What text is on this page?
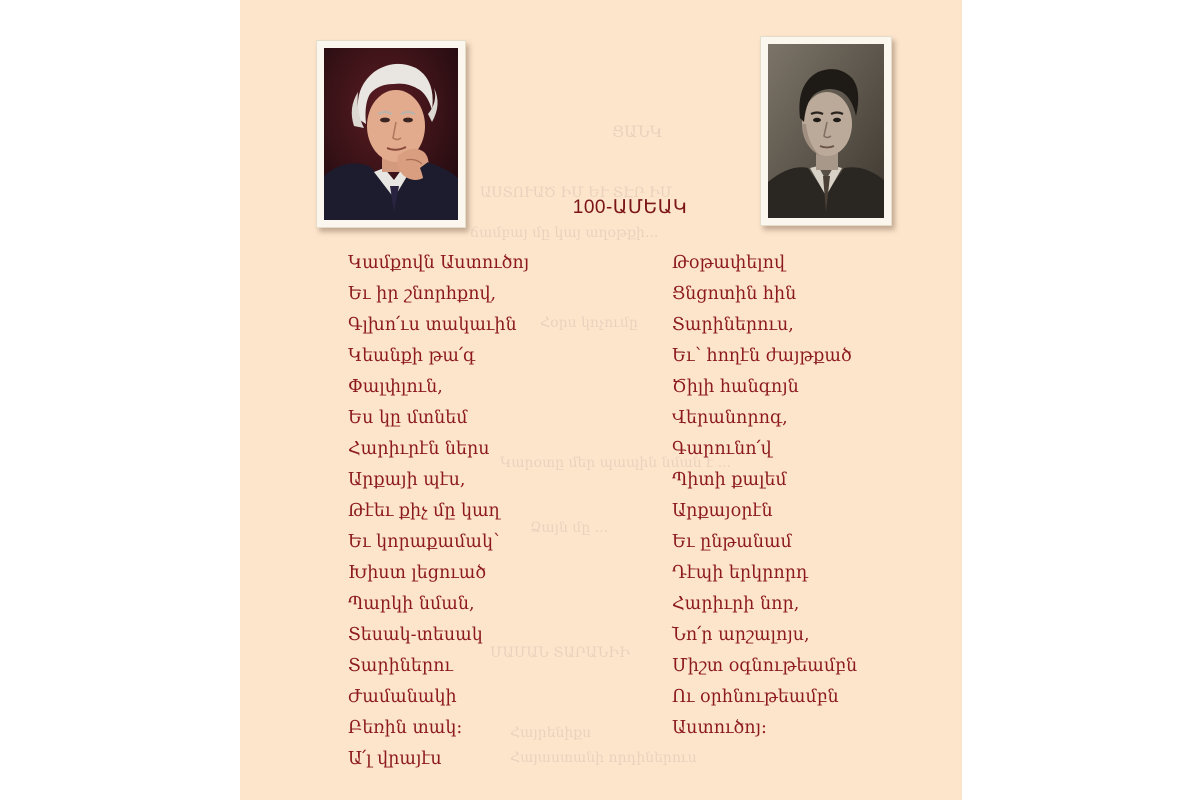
ՑԱՆԿ
ԱՍՏՈՒԱԾ ԻՄ ԵՒ ՏԷՐ ԻՄ
ճամբայ մը կայ աղօթքի...
Հօրս կոչումը
Կարօտը մեր պապին նման է ...
Ձայն մը ...
ՄԱՄԱՆ ՏԱՐԱՆԻԻ
Հայրենիքս
Հայաստանի որդիներուս
100-ԱՄԵԱԿ
Կամքովն Աստուծոյ
Եւ իր շնորհքով,
Գլխո՛ւս տակաւին
Կեանքի թա՛գ
Փալփլուն,
Ես կը մտնեմ
Հարիւրէն ներս
Արքայի պէս,
Թէեւ քիչ մը կաղ
Եւ կորաքամակ՝
Խիստ լեցուած
Պարկի նման,
Տեսակ-տեսակ
Տարիներու
Ժամանակի
Բեռին տակ:
Ա՛լ վրայէս
Թօթափելով
Ցնցոտին հին
Տարիներուս,
Եւ՝ հողէն ժայթքած
Ծիլի հանգոյն
Վերանորոգ,
Գարունո՛վ
Պիտի քալեմ
Արքայօրէն
Եւ ընթանամ
Դէպի երկրորդ
Հարիւրի նոր,
Նո՛ր արշալոյս,
Միշտ օգնութեամբն
Ու օրհնութեամբն
Աստուծոյ:
